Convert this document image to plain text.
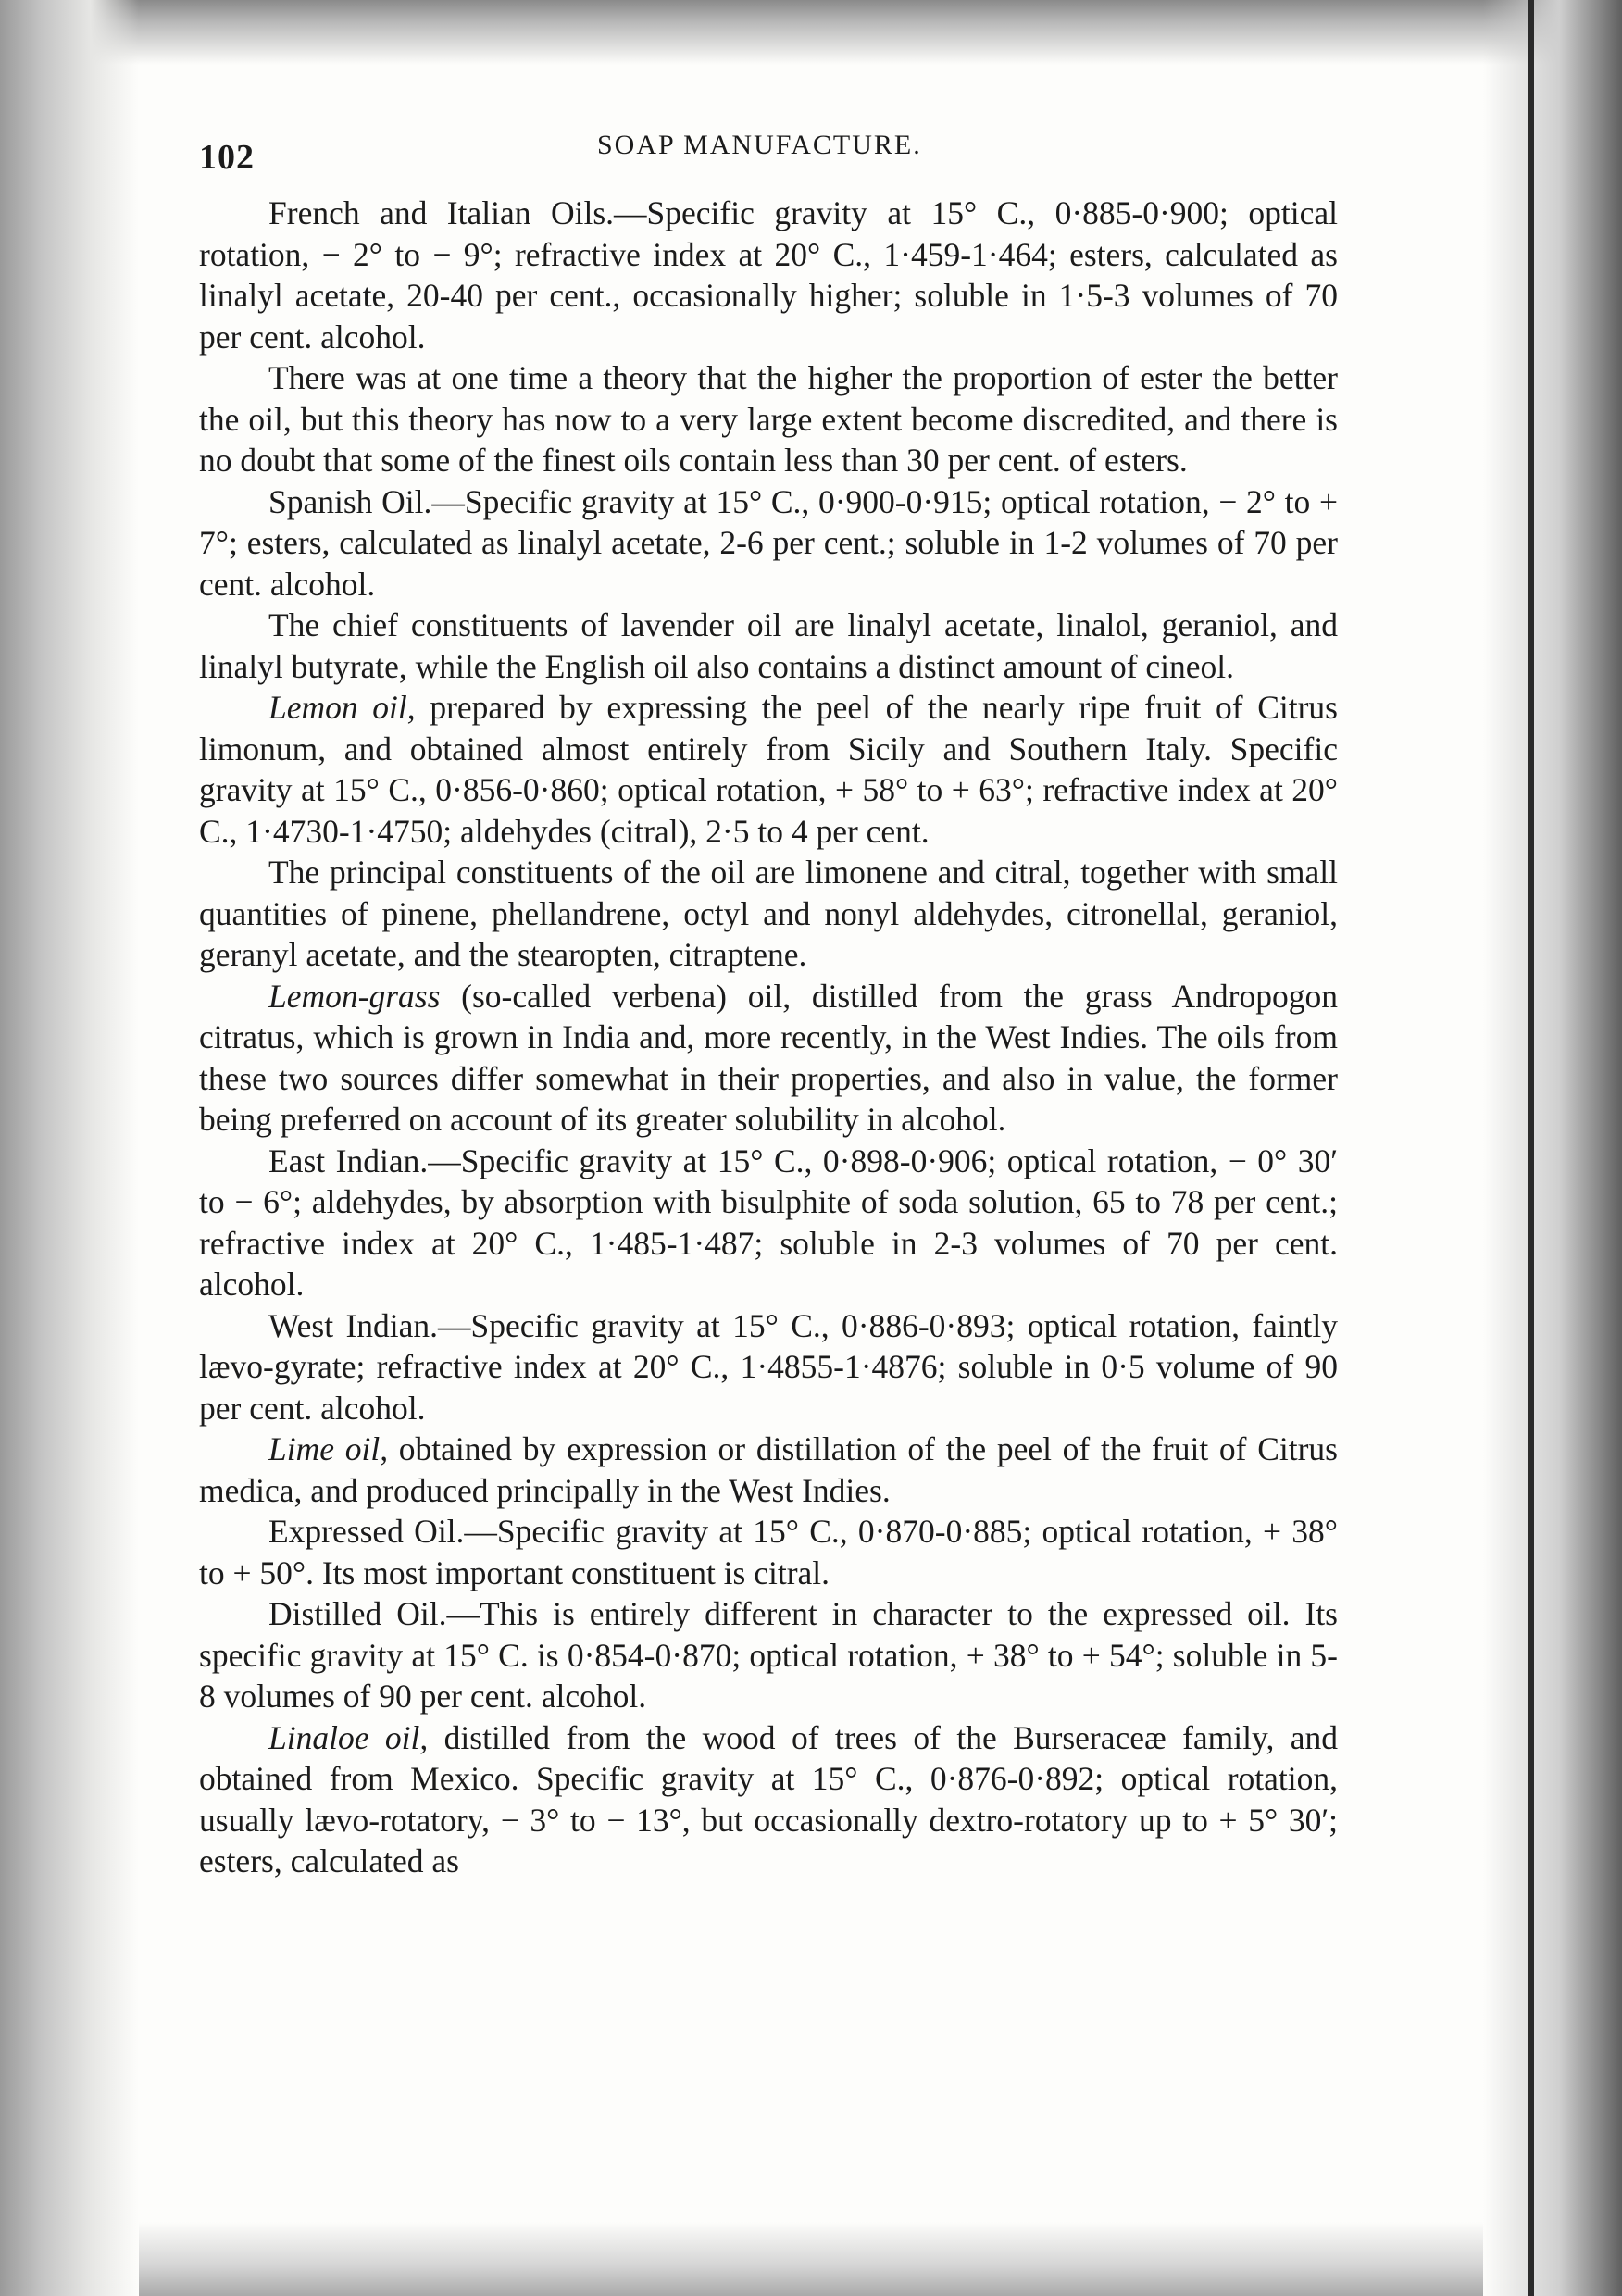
102	SOAP MANUFACTURE.

French and Italian Oils.—Specific gravity at 15° C., 0·885-0·900; optical rotation, − 2° to − 9°; refractive index at 20° C., 1·459-1·464; esters, calculated as linalyl acetate, 20-40 per cent., occasionally higher; soluble in 1·5-3 volumes of 70 per cent. alcohol.

There was at one time a theory that the higher the proportion of ester the better the oil, but this theory has now to a very large extent become discredited, and there is no doubt that some of the finest oils contain less than 30 per cent. of esters.

Spanish Oil.—Specific gravity at 15° C., 0·900-0·915; optical rotation, − 2° to + 7°; esters, calculated as linalyl acetate, 2-6 per cent.; soluble in 1-2 volumes of 70 per cent. alcohol.

The chief constituents of lavender oil are linalyl acetate, linalol, geraniol, and linalyl butyrate, while the English oil also contains a distinct amount of cineol.

Lemon oil, prepared by expressing the peel of the nearly ripe fruit of Citrus limonum, and obtained almost entirely from Sicily and Southern Italy. Specific gravity at 15° C., 0·856-0·860; optical rotation, + 58° to + 63°; refractive index at 20° C., 1·4730-1·4750; aldehydes (citral), 2·5 to 4 per cent.

The principal constituents of the oil are limonene and citral, together with small quantities of pinene, phellandrene, octyl and nonyl aldehydes, citronellal, geraniol, geranyl acetate, and the stearopten, citraptene.

Lemon-grass (so-called verbena) oil, distilled from the grass Andropogon citratus, which is grown in India and, more recently, in the West Indies. The oils from these two sources differ somewhat in their properties, and also in value, the former being preferred on account of its greater solubility in alcohol.

East Indian.—Specific gravity at 15° C., 0·898-0·906; optical rotation, − 0° 30′ to − 6°; aldehydes, by absorption with bisulphite of soda solution, 65 to 78 per cent.; refractive index at 20° C., 1·485-1·487; soluble in 2-3 volumes of 70 per cent. alcohol.

West Indian.—Specific gravity at 15° C., 0·886-0·893; optical rotation, faintly lævo-gyrate; refractive index at 20° C., 1·4855-1·4876; soluble in 0·5 volume of 90 per cent. alcohol.

Lime oil, obtained by expression or distillation of the peel of the fruit of Citrus medica, and produced principally in the West Indies.

Expressed Oil.—Specific gravity at 15° C., 0·870-0·885; optical rotation, + 38° to + 50°. Its most important constituent is citral.

Distilled Oil.—This is entirely different in character to the expressed oil. Its specific gravity at 15° C. is 0·854-0·870; optical rotation, + 38° to + 54°; soluble in 5-8 volumes of 90 per cent. alcohol.

Linaloe oil, distilled from the wood of trees of the Burseraceæ family, and obtained from Mexico. Specific gravity at 15° C., 0·876-0·892; optical rotation, usually lævo-rotatory, − 3° to − 13°, but occasionally dextro-rotatory up to + 5° 30′; esters, calculated as
